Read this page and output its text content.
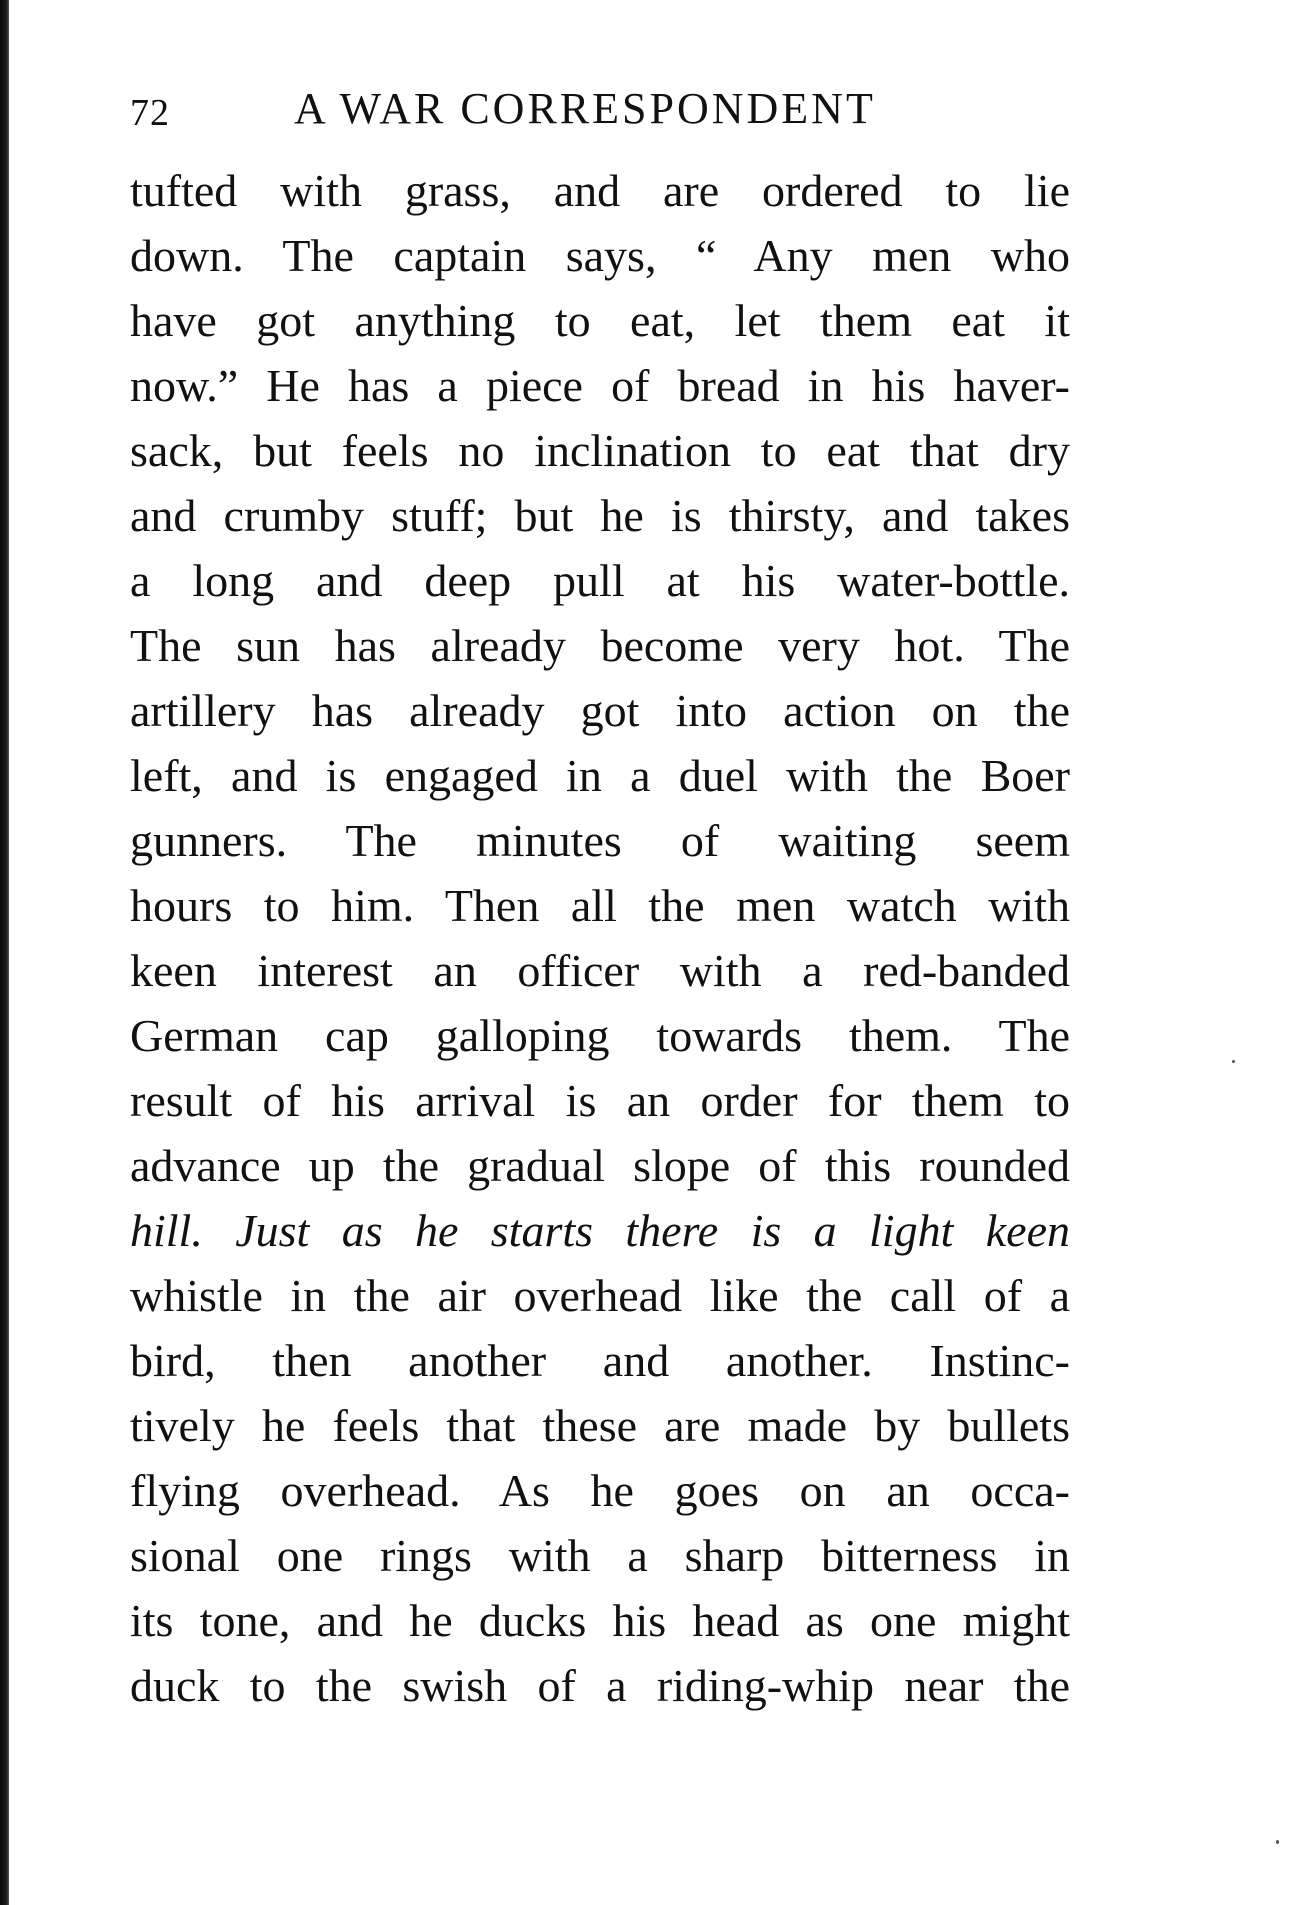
72	A WAR CORRESPONDENT
tufted with grass, and are ordered to lie
down. The captain says, “ Any men who
have got anything to eat, let them eat it
now.” He has a piece of bread in his haver-
sack, but feels no inclination to eat that dry
and crumby stuff; but he is thirsty, and takes
a long and deep pull at his water-bottle.
The sun has already become very hot. The
artillery has already got into action on the
left, and is engaged in a duel with the Boer
gunners. The minutes of waiting seem
hours to him. Then all the men watch with
keen interest an officer with a red-banded
German cap galloping towards them. The
result of his arrival is an order for them to
advance up the gradual slope of this rounded
hill. Just as he starts there is a light keen
whistle in the air overhead like the call of a
bird, then another and another. Instinc-
tively he feels that these are made by bullets
flying overhead. As he goes on an occa-
sional one rings with a sharp bitterness in
its tone, and he ducks his head as one might
duck to the swish of a riding-whip near the
